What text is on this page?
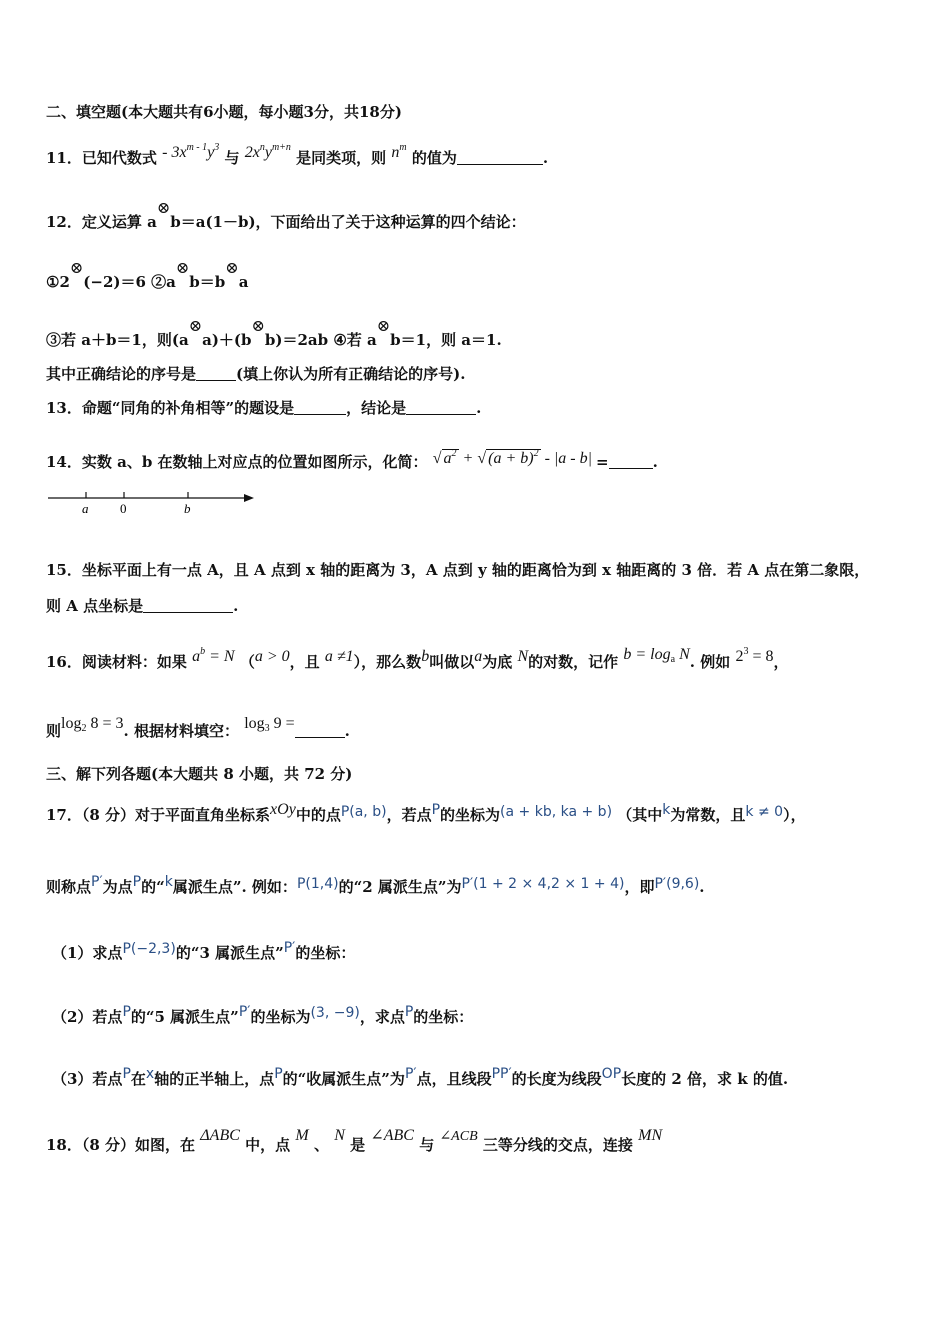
二、填空题(本大题共有6小题，每小题3分，共18分)
11．已知代数式 - $3x^{m - 1}y^3$ 与 $2x^ny^{m+n}$ 是同类项，则 $n^m$ 的值为	.
12．定义运算 a⊗b＝a(1－b)，下面给出了关于这种运算的四个结论：
①2⊗(−2)＝6 ②a⊗b＝b⊗a
③若 a＋b＝1，则(a⊗a)＋(b⊗b)＝2ab ④若 a⊗b＝1，则 a＝1.
其中正确结论的序号是	(填上你认为所有正确结论的序号).
13．命题“同角的补角相等”的题设是	，结论是	.
14．实数 a、b 在数轴上对应点的位置如图所示，化简： √ $a^2$ + √ $(a + b)^2 - |a - b|$ =	.
a 0	b
15．坐标平面上有一点 A，且 A 点到 x 轴的距离为 3，A 点到 y 轴的距离恰为到 x 轴距离的 3 倍．若 A 点在第二象限，
则 A 点坐标是	.
16．阅读材料：如果 $a^b = N$ （a > 0，且 a ≠1），那么数b叫做以a为底 N的对数，记作 $b = \log_a N$. 例如 $2^3 = 8$，
则$\log_2 8 = 3$. 根据材料填空： $\log_3 9$ =	.
三、解下列各题(本大题共 8 小题，共 72 分)
17．（8 分）对于平面直角坐标系xOy中的点P(a, b)，若点P的坐标为(a + kb, ka + b) （其中k为常数，且k ≠ 0），
则称点P′为点P的“k属派生点”. 例如：P(1,4)的“2 属派生点”为P′(1 + 2 × 4,2 × 1 + 4)，即P′(9,6).
（1）求点P(−2,3)的“3 属派生点”P′的坐标：
（2）若点P的“5 属派生点”P′的坐标为(3, −9)，求点P的坐标：
（3）若点P在x轴的正半轴上，点P的“收属派生点”为P′点，且线段PP′的长度为线段OP长度的 2 倍，求 k 的值.
18．（8 分）如图，在 ΔABC 中，点 M 、 N 是 ∠ABC 与 ∠ACB 三等分线的交点，连接 MN
